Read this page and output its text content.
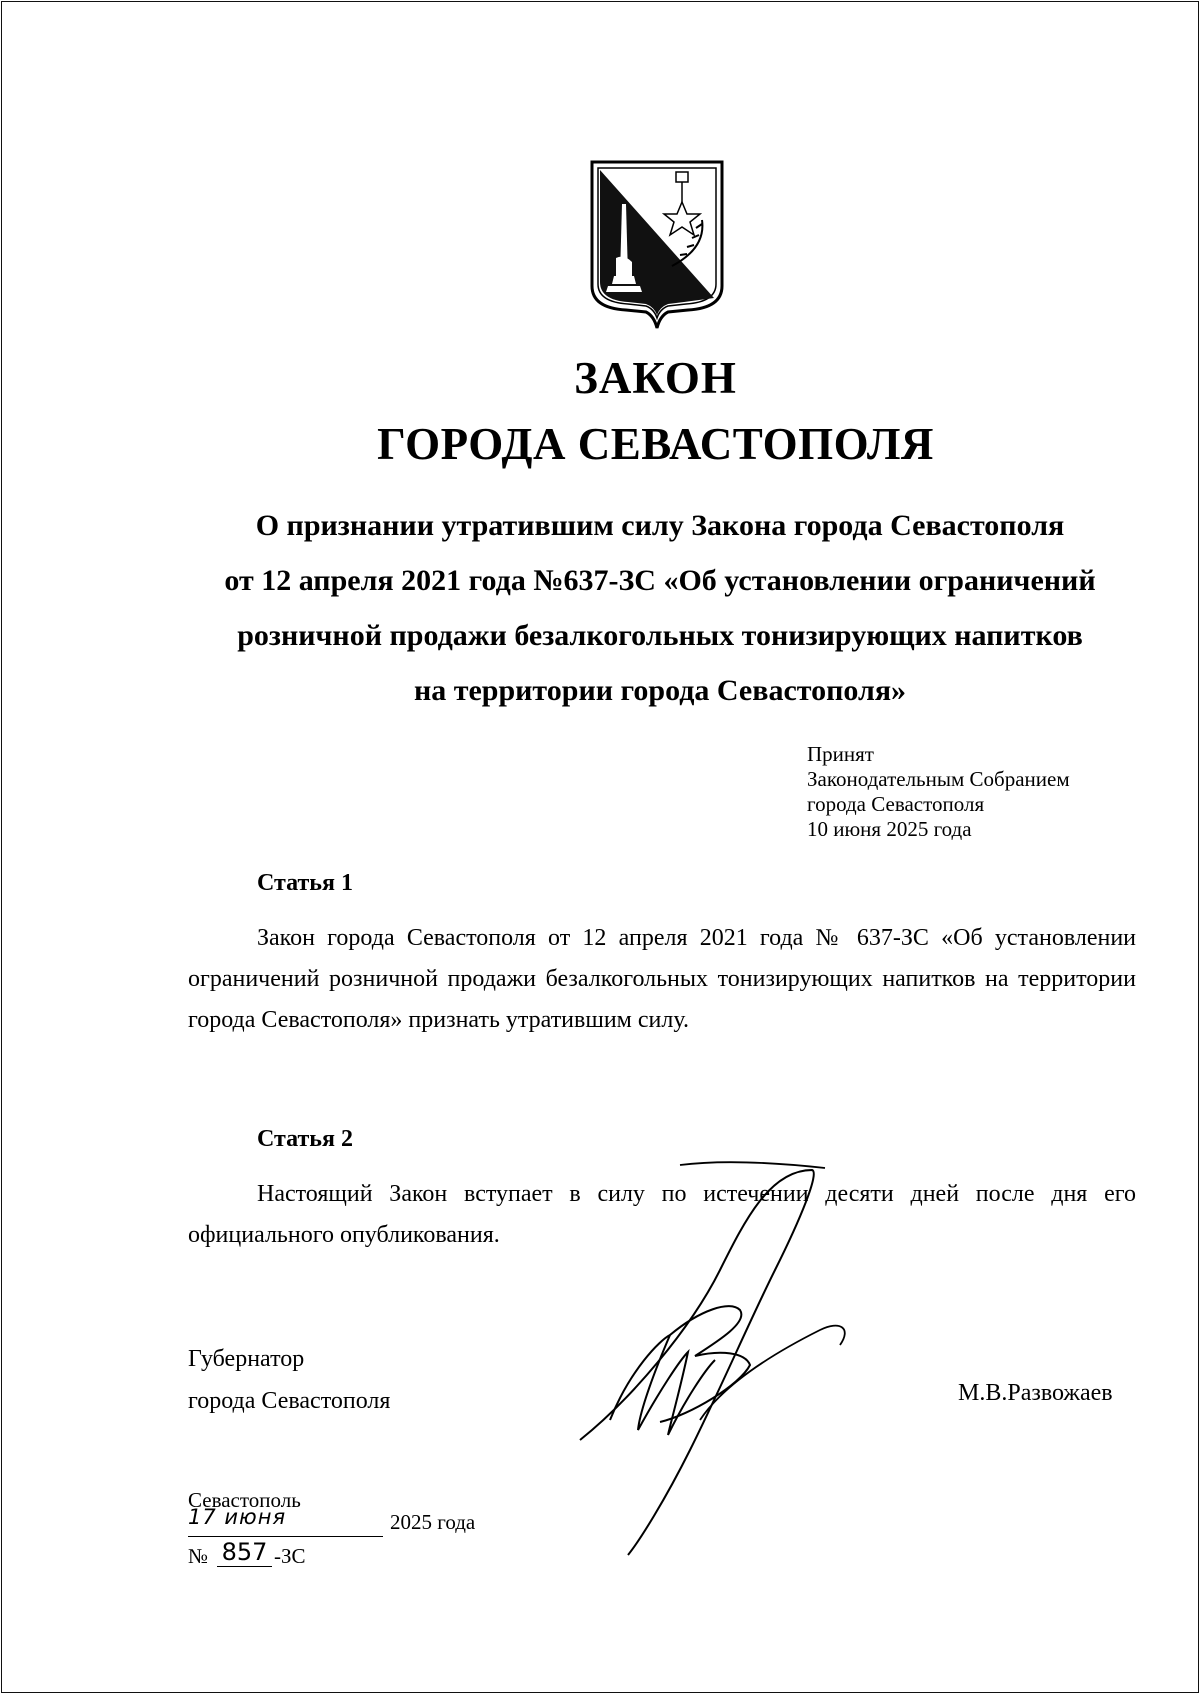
ЗАКОН
ГОРОДА СЕВАСТОПОЛЯ
О признании утратившим силу Закона города Севастополя
от 12 апреля 2021 года №637-ЗС «Об установлении ограничений
розничной продажи безалкогольных тонизирующих напитков
на территории города Севастополя»
Принят
Законодательным Собранием
города Севастополя
10 июня 2025 года
Статья 1

Закон города Севастополя от 12 апреля 2021 года № 637-ЗС «Об установлении ограничений розничной продажи безалкогольных тонизирующих напитков на территории города Севастополя» признать утратившим силу.

Статья 2

Настоящий Закон вступает в силу по истечении десяти дней после дня его официального опубликования.

Губернатор
города Севастополя	М.В.Развожаев
Севастополь
17 июня	2025 года
№ 857 -ЗС
